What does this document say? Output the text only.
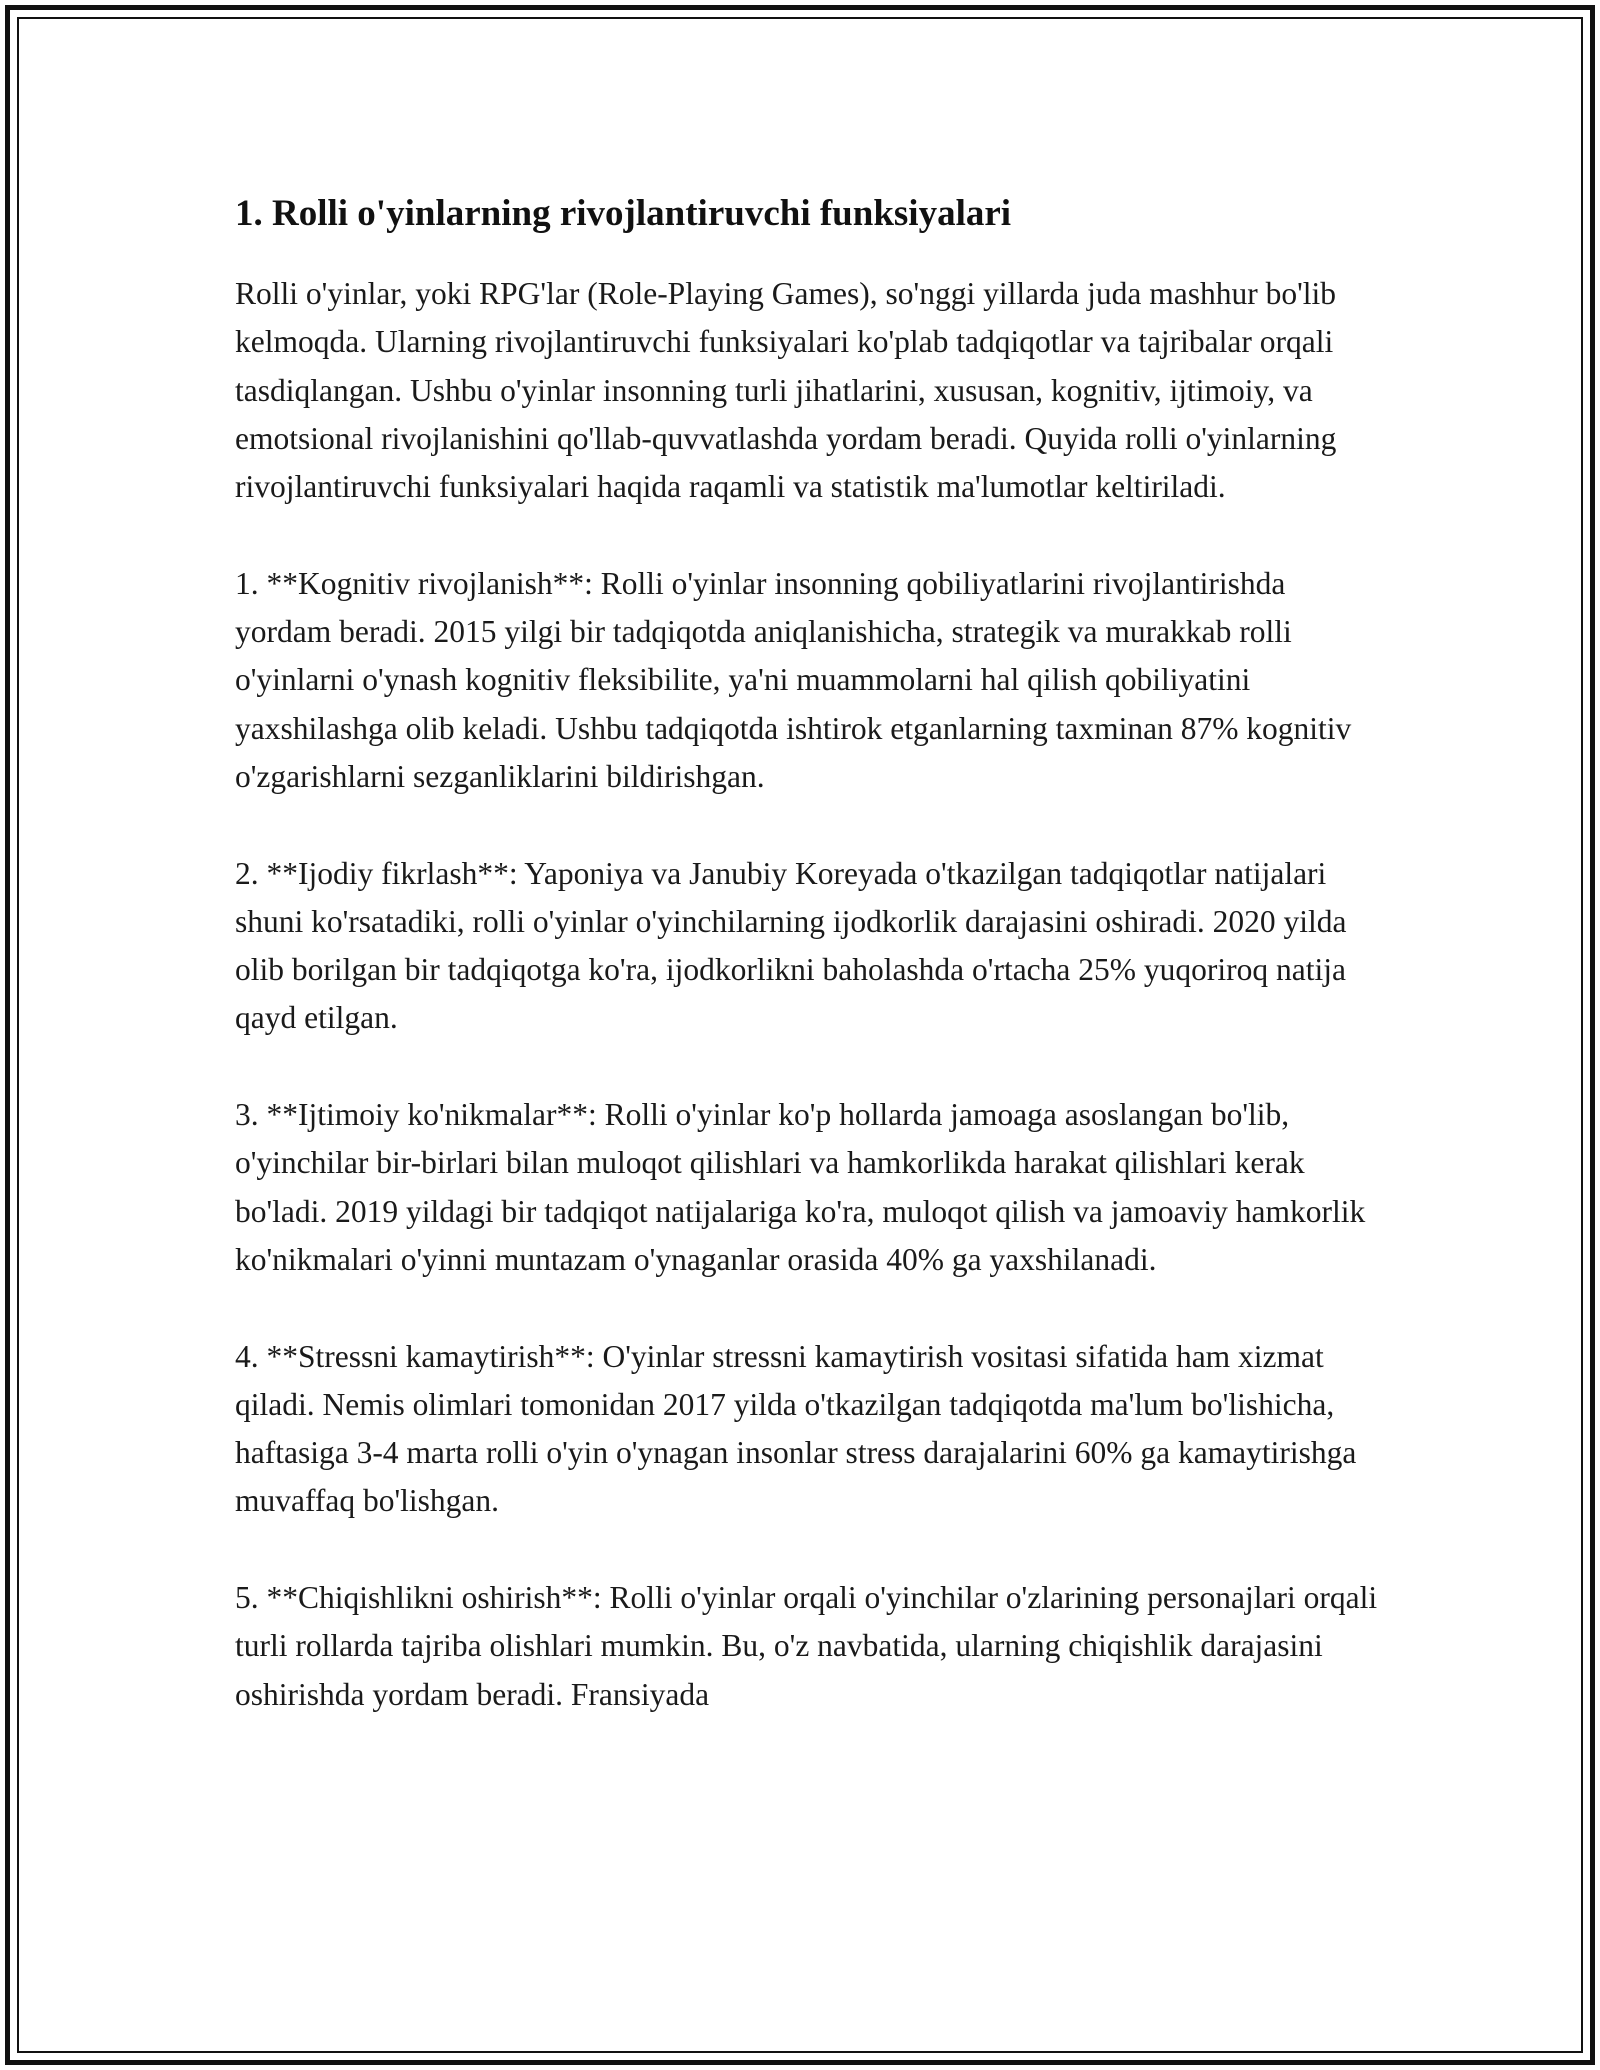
1. Rolli o'yinlarning rivojlantiruvchi funksiyalari

Rolli o'yinlar, yoki RPG'lar (Role-Playing Games), so'nggi yillarda juda mashhur bo'lib kelmoqda. Ularning rivojlantiruvchi funksiyalari ko'plab tadqiqotlar va tajribalar orqali tasdiqlangan. Ushbu o'yinlar insonning turli jihatlarini, xususan, kognitiv, ijtimoiy, va emotsional rivojlanishini qo'llab-quvvatlashda yordam beradi. Quyida rolli o'yinlarning rivojlantiruvchi funksiyalari haqida raqamli va statistik ma'lumotlar keltiriladi.

1. **Kognitiv rivojlanish**: Rolli o'yinlar insonning qobiliyatlarini rivojlantirishda yordam beradi. 2015 yilgi bir tadqiqotda aniqlanishicha, strategik va murakkab rolli o'yinlarni o'ynash kognitiv fleksibilite, ya'ni muammolarni hal qilish qobiliyatini yaxshilashga olib keladi. Ushbu tadqiqotda ishtirok etganlarning taxminan 87% kognitiv o'zgarishlarni sezganliklarini bildirishgan.

2. **Ijodiy fikrlash**: Yaponiya va Janubiy Koreyada o'tkazilgan tadqiqotlar natijalari shuni ko'rsatadiki, rolli o'yinlar o'yinchilarning ijodkorlik darajasini oshiradi. 2020 yilda olib borilgan bir tadqiqotga ko'ra, ijodkorlikni baholashda o'rtacha 25% yuqoriroq natija qayd etilgan.

3. **Ijtimoiy ko'nikmalar**: Rolli o'yinlar ko'p hollarda jamoaga asoslangan bo'lib, o'yinchilar bir-birlari bilan muloqot qilishlari va hamkorlikda harakat qilishlari kerak bo'ladi. 2019 yildagi bir tadqiqot natijalariga ko'ra, muloqot qilish va jamoaviy hamkorlik ko'nikmalari o'yinni muntazam o'ynaganlar orasida 40% ga yaxshilanadi.

4. **Stressni kamaytirish**: O'yinlar stressni kamaytirish vositasi sifatida ham xizmat qiladi. Nemis olimlari tomonidan 2017 yilda o'tkazilgan tadqiqotda ma'lum bo'lishicha, haftasiga 3-4 marta rolli o'yin o'ynagan insonlar stress darajalarini 60% ga kamaytirishga muvaffaq bo'lishgan.

5. **Chiqishlikni oshirish**: Rolli o'yinlar orqali o'yinchilar o'zlarining personajlari orqali turli rollarda tajriba olishlari mumkin. Bu, o'z navbatida, ularning chiqishlik darajasini oshirishda yordam beradi. Fransiyada
